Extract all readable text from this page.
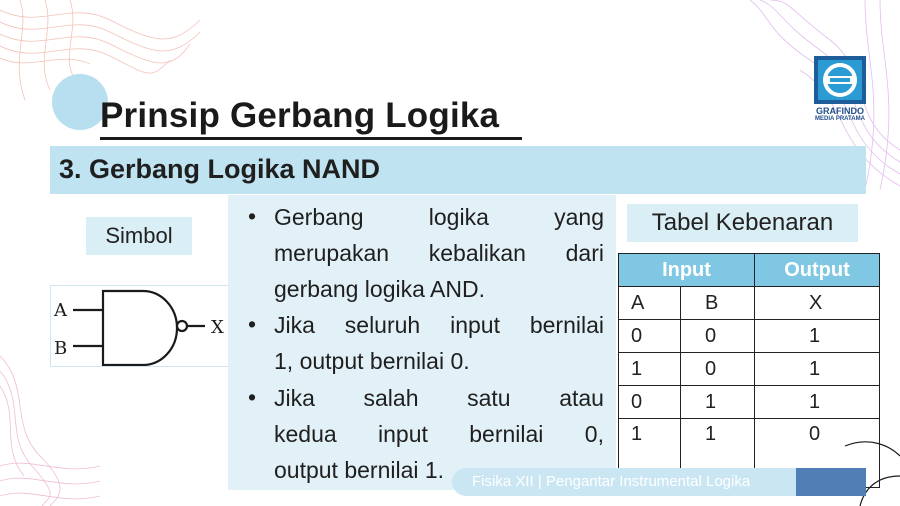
Prinsip Gerbang Logika
3. Gerbang Logika NAND
GRAFINDO
MEDIA PRATAMA
Simbol
A
B
X
• Gerbang	logika	yang
merupakan kebalikan dari
gerbang logika AND.
• Jika seluruh input bernilai
1, output bernilai 0.
• Jika salah satu atau
kedua input bernilai 0,
output bernilai 1.
Tabel Kebenaran
Input		Output
A	B	X
0	0	1
1	0	1
0	1	1
1	1	0
Fisika XII | Pengantar Instrumental Logika
